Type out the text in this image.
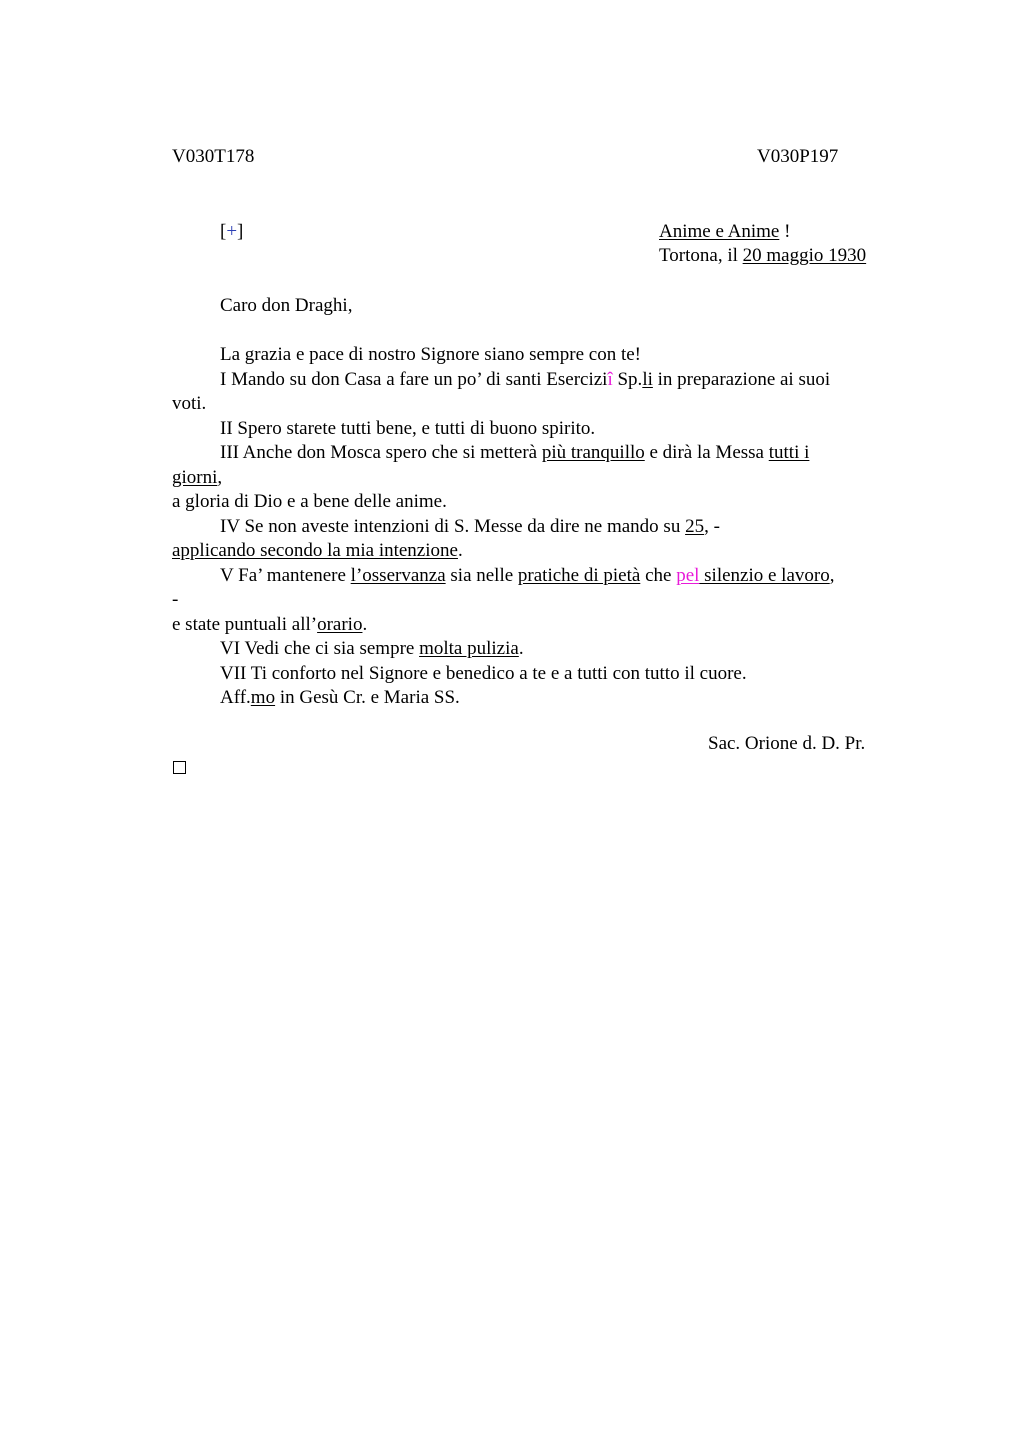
V030T178	V030P197
[+]	Anime e Anime !
Tortona, il 20 maggio 1930
Caro don Draghi,
La grazia e pace di nostro Signore siano sempre con te!
I Mando su don Casa a fare un po’ di santi Eserciziî Sp.li in preparazione ai suoi
voti.
II Spero starete tutti bene, e tutti di buono spirito.
III Anche don Mosca spero che si metterà più tranquillo e dirà la Messa tutti i
giorni,
a gloria di Dio e a bene delle anime.
IV Se non aveste intenzioni di S. Messe da dire ne mando su 25, -
applicando secondo la mia intenzione.
V Fa’ mantenere l’osservanza sia nelle pratiche di pietà che pel silenzio e lavoro,
-
e state puntuali all’orario.
VI Vedi che ci sia sempre molta pulizia.
VII Ti conforto nel Signore e benedico a te e a tutti con tutto il cuore.
Aff.mo in Gesù Cr. e Maria SS.
Sac. Orione d. D. Pr.
